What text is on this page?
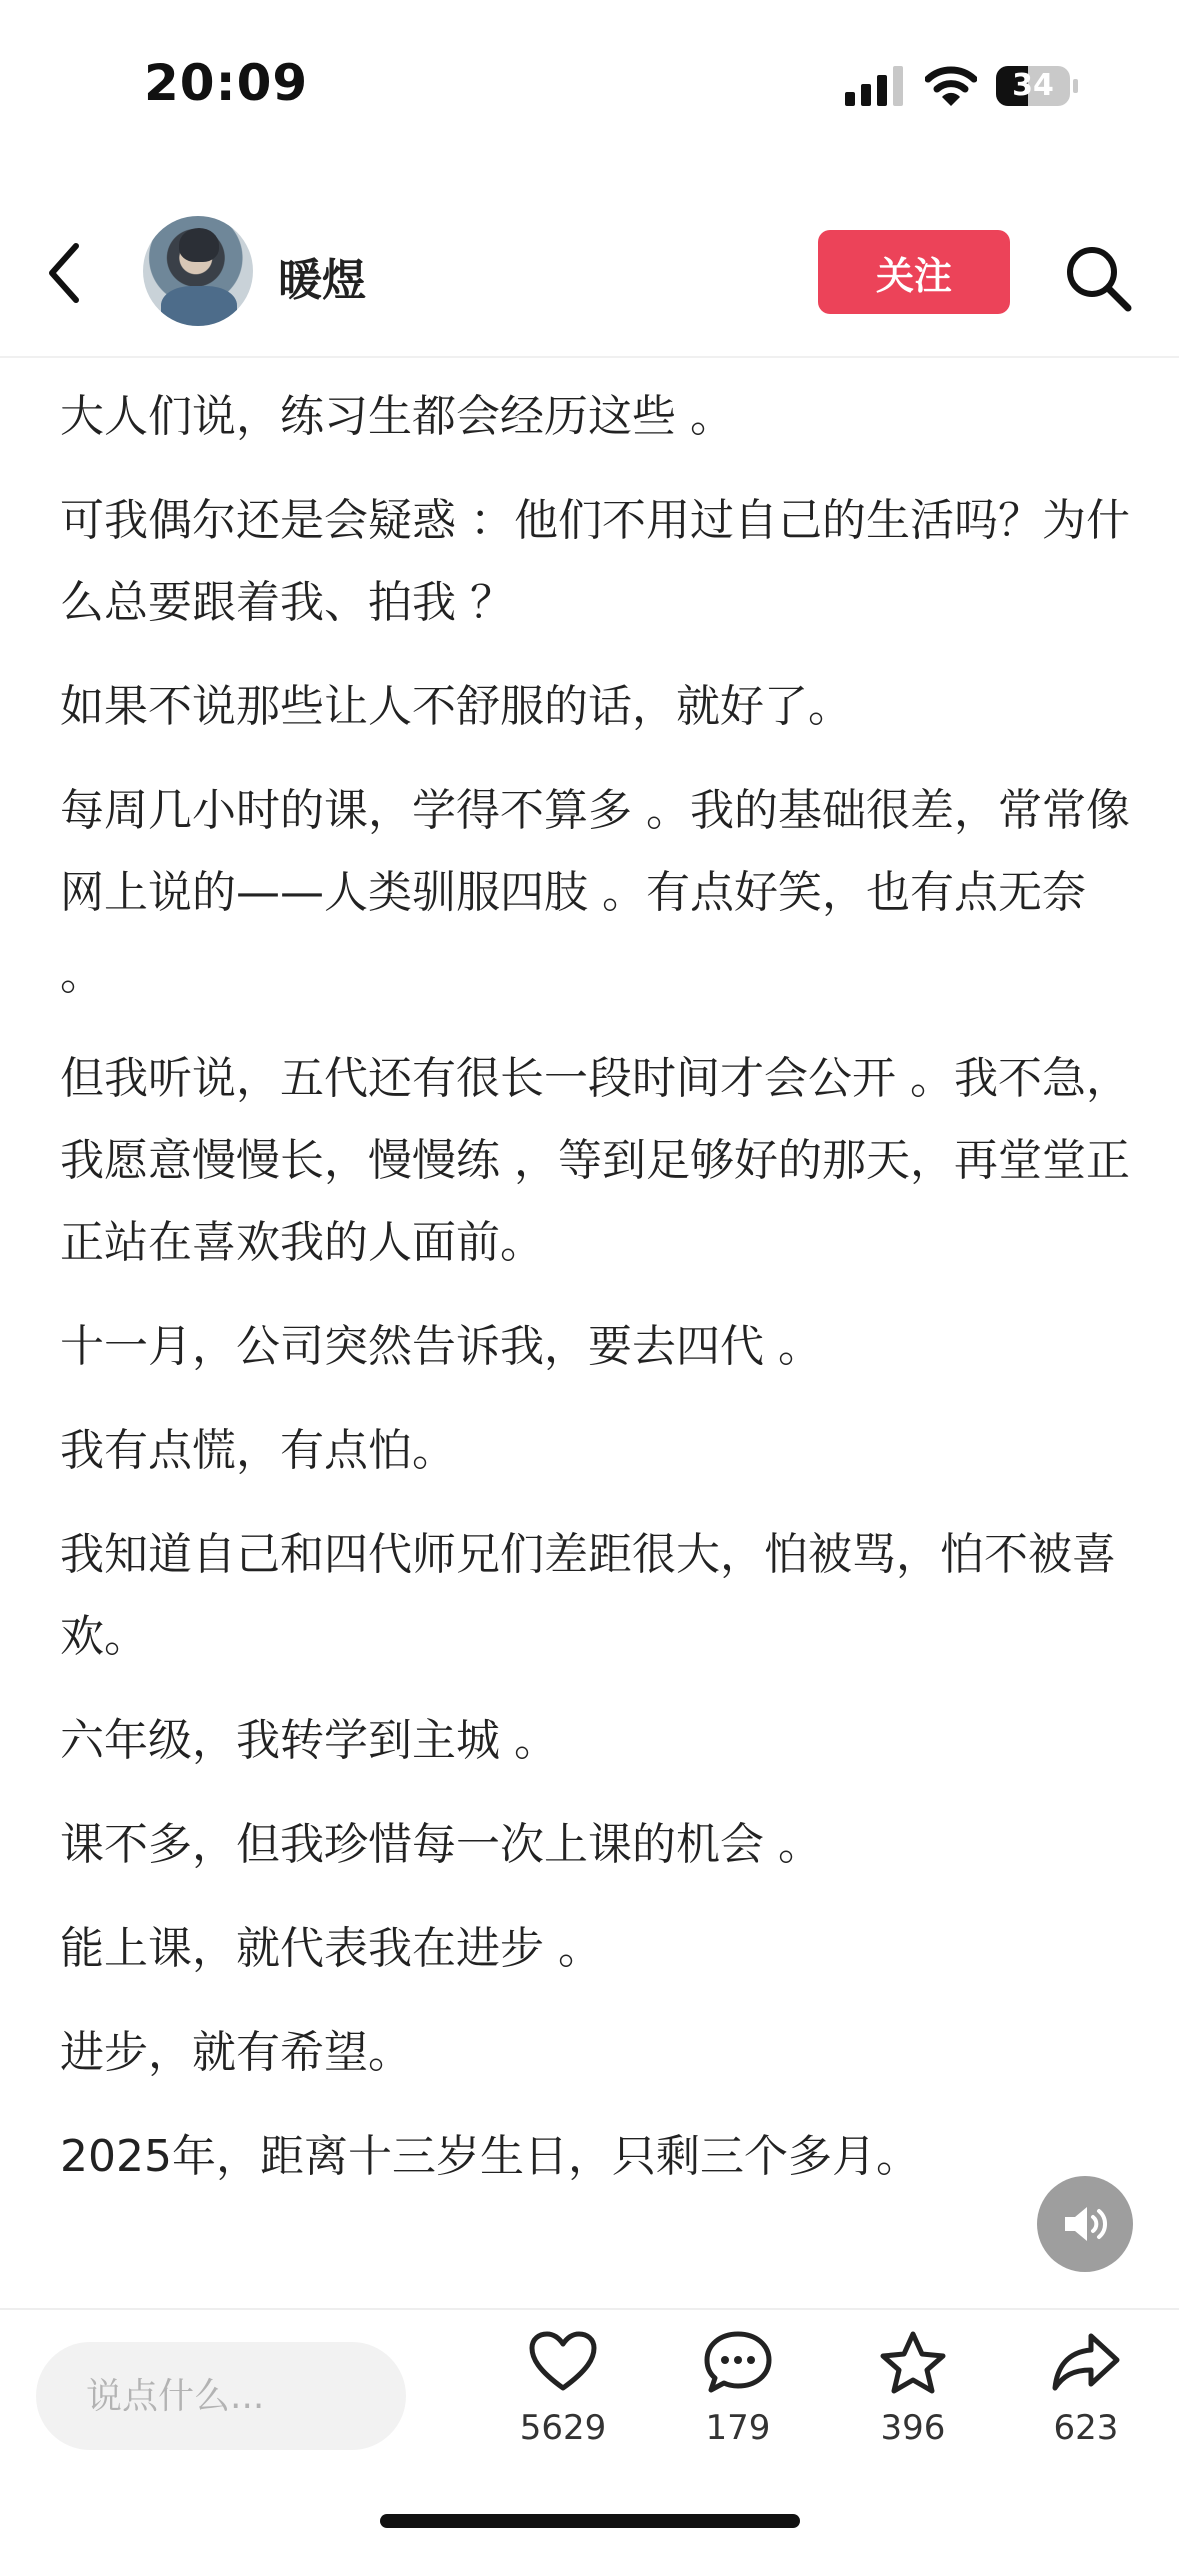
20:09	34
暖煜	关注

大人们说，练习生都会经历这些 。

可我偶尔还是会疑惑 ：他们不用过自己的生活吗？为什么总要跟着我、拍我 ？

如果不说那些让人不舒服的话，就好了。

每周几小时的课，学得不算多 。我的基础很差，常常像网上说的——人类驯服四肢 。有点好笑，也有点无奈 。

但我听说，五代还有很长一段时间才会公开 。我不急，我愿意慢慢长，慢慢练 ，等到足够好的那天，再堂堂正正站在喜欢我的人面前。

十一月，公司突然告诉我，要去四代 。

我有点慌，有点怕。

我知道自己和四代师兄们差距很大，怕被骂，怕不被喜欢。

六年级，我转学到主城 。

课不多，但我珍惜每一次上课的机会 。

能上课，就代表我在进步 。

进步，就有希望。

2025年，距离十三岁生日，只剩三个多月。

说点什么...
5629	179	396	623
